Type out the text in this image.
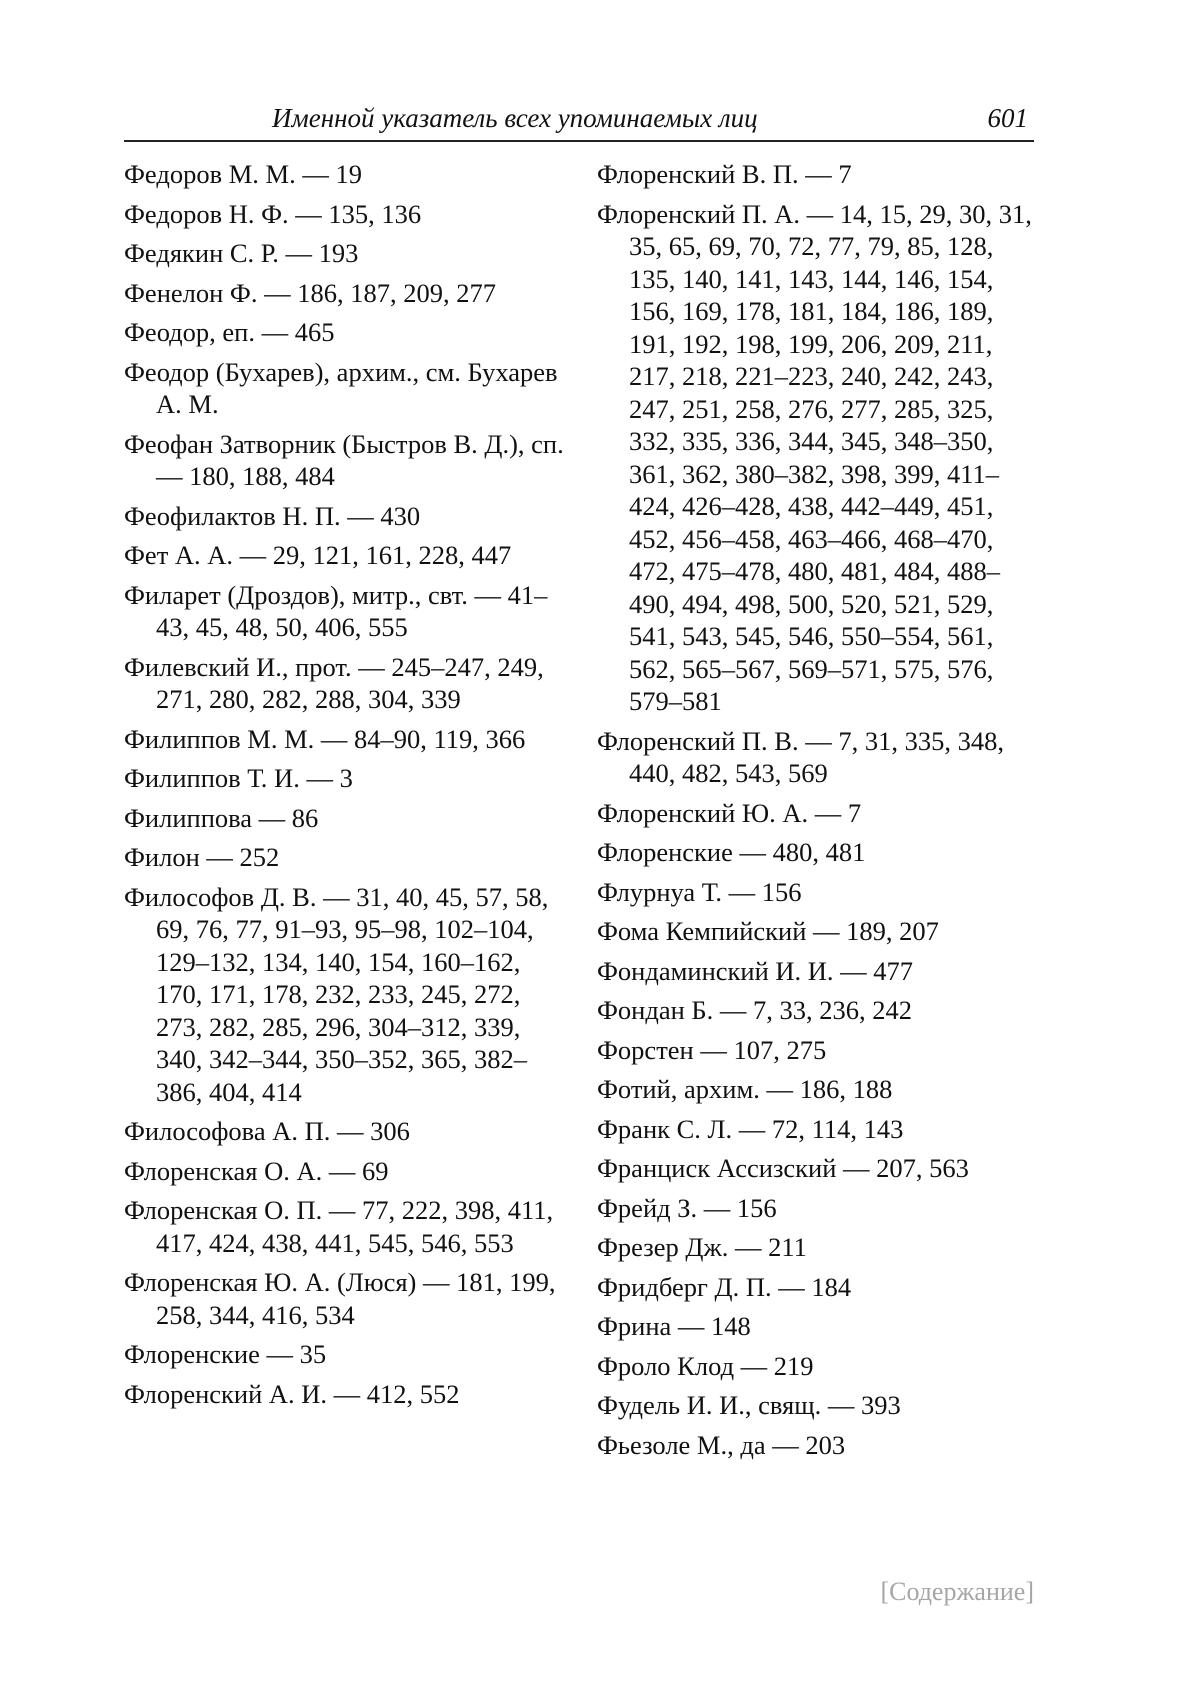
Именной указатель всех упоминаемых лиц	601
Федоров М. М. — 19
Федоров Н. Ф. — 135, 136
Федякин С. Р. — 193
Фенелон Ф. — 186, 187, 209, 277
Феодор, еп. — 465
Феодор (Бухарев), архим., см. Бухарев А. М.
Феофан Затворник (Быстров В. Д.), сп. — 180, 188, 484
Феофилактов Н. П. — 430
Фет А. А. — 29, 121, 161, 228, 447
Филарет (Дроздов), митр., свт. — 41–43, 45, 48, 50, 406, 555
Филевский И., прот. — 245–247, 249, 271, 280, 282, 288, 304, 339
Филиппов М. М. — 84–90, 119, 366
Филиппов Т. И. — 3
Филиппова — 86
Филон — 252
Философов Д. В. — 31, 40, 45, 57, 58, 69, 76, 77, 91–93, 95–98, 102–104, 129–132, 134, 140, 154, 160–162, 170, 171, 178, 232, 233, 245, 272, 273, 282, 285, 296, 304–312, 339, 340, 342–344, 350–352, 365, 382–386, 404, 414
Философова А. П. — 306
Флоренская О. А. — 69
Флоренская О. П. — 77, 222, 398, 411, 417, 424, 438, 441, 545, 546, 553
Флоренская Ю. А. (Люся) — 181, 199, 258, 344, 416, 534
Флоренские — 35
Флоренский А. И. — 412, 552
Флоренский В. П. — 7
Флоренский П. А. — 14, 15, 29, 30, 31, 35, 65, 69, 70, 72, 77, 79, 85, 128, 135, 140, 141, 143, 144, 146, 154, 156, 169, 178, 181, 184, 186, 189, 191, 192, 198, 199, 206, 209, 211, 217, 218, 221–223, 240, 242, 243, 247, 251, 258, 276, 277, 285, 325, 332, 335, 336, 344, 345, 348–350, 361, 362, 380–382, 398, 399, 411–424, 426–428, 438, 442–449, 451, 452, 456–458, 463–466, 468–470, 472, 475–478, 480, 481, 484, 488–490, 494, 498, 500, 520, 521, 529, 541, 543, 545, 546, 550–554, 561, 562, 565–567, 569–571, 575, 576, 579–581
Флоренский П. В. — 7, 31, 335, 348, 440, 482, 543, 569
Флоренский Ю. А. — 7
Флоренские — 480, 481
Флурнуа Т. — 156
Фома Кемпийский — 189, 207
Фондаминский И. И. — 477
Фондан Б. — 7, 33, 236, 242
Форстен — 107, 275
Фотий, архим. — 186, 188
Франк С. Л. — 72, 114, 143
Франциск Ассизский — 207, 563
Фрейд З. — 156
Фрезер Дж. — 211
Фридберг Д. П. — 184
Фрина — 148
Фроло Клод — 219
Фудель И. И., свящ. — 393
Фьезоле М., да — 203
[Содержание]
